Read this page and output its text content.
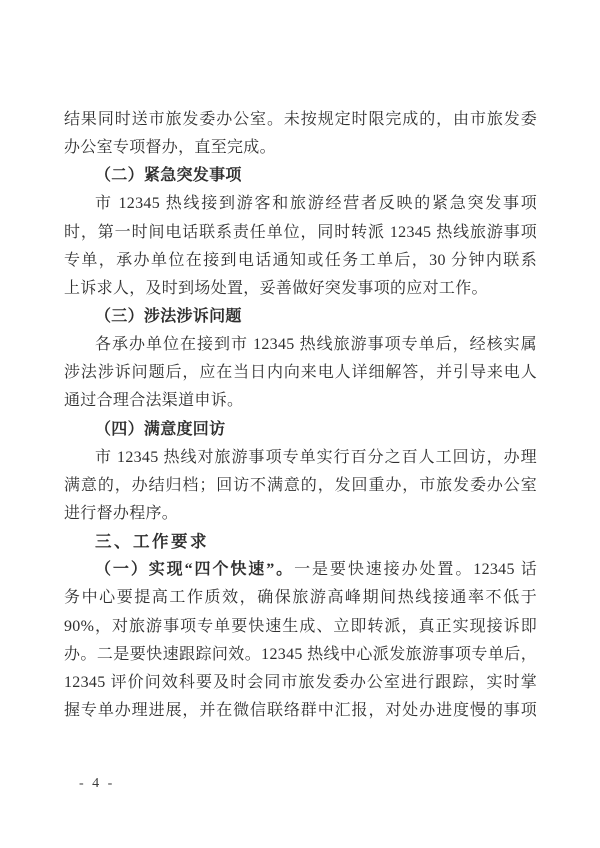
结果同时送市旅发委办公室。未按规定时限完成的，由市旅发委
办公室专项督办，直至完成。
（二）紧急突发事项
市 12345 热线接到游客和旅游经营者反映的紧急突发事项
时，第一时间电话联系责任单位，同时转派 12345 热线旅游事项
专单，承办单位在接到电话通知或任务工单后，30 分钟内联系
上诉求人，及时到场处置，妥善做好突发事项的应对工作。
（三）涉法涉诉问题
各承办单位在接到市 12345 热线旅游事项专单后，经核实属
涉法涉诉问题后，应在当日内向来电人详细解答，并引导来电人
通过合理合法渠道申诉。
（四）满意度回访
市 12345 热线对旅游事项专单实行百分之百人工回访，办理
满意的，办结归档；回访不满意的，发回重办，市旅发委办公室
进行督办程序。
三、工作要求
（一）实现“四个快速”。一是要快速接办处置。12345 话
务中心要提高工作质效，确保旅游高峰期间热线接通率不低于
90%，对旅游事项专单要快速生成、立即转派，真正实现接诉即
办。二是要快速跟踪问效。12345 热线中心派发旅游事项专单后，
12345 评价问效科要及时会同市旅发委办公室进行跟踪，实时掌
握专单办理进展，并在微信联络群中汇报，对处办进度慢的事项
- 4 -
